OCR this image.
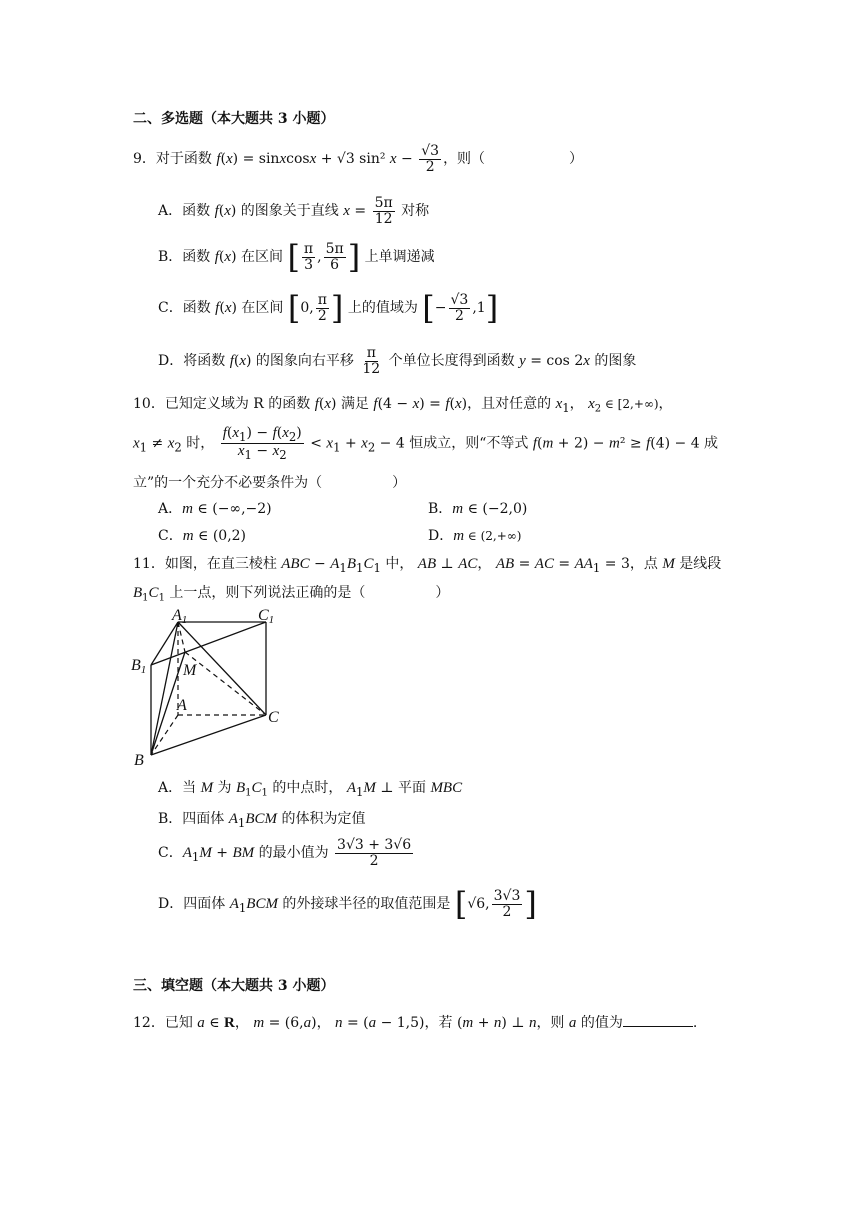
二、多选题（本大题共 3 小题）
9．对于函数 f(x) = sinxcosx + √3 sin² $x - \frac{√3}{2}$ ，则（　　　　　　）
A．函数 f(x) 的图象关于直线 $x = \frac{5\pi}{12}$ 对称
B．函数 f(x) 在区间 [ $\frac{\pi}{3}$ , $\frac{5\pi}{6}$ ] 上单调递减
C．函数 f(x) 在区间 [0, $\frac{\pi}{2}$ ] 上的值域为 [− $\frac{√3}{2} ,1$]
D．将函数 f(x) 的图象向右平移 $\frac{\pi}{12}$ 个单位长度得到函数 y = cos 2x 的图象
10．已知定义域为 R 的函数 f(x) 满足 f(4 − x) = f(x)，且对任意的 $x_1$， $x_2$ ∈ [2,+∞)，
$x_1 \ne x_2$ 时， $\frac{f(x_1) - f(x_2)}{x_1 - x_2} < x_1 + x_2 - 4$ 恒成立，则“不等式 f(m + 2) − m² ≥ f(4) − 4 成
立”的一个充分不必要条件为（　　　　　）
A．m ∈ (−∞,−2)	B．m ∈ (−2,0)
C．m ∈ (0,2)	D．m ∈ (2,+∞)
11．如图，在直三棱柱 ABC − $A_1B_1C_1$ 中， AB ⊥ AC， AB = AC = $AA_1 = 3$，点 M 是线段
$B_1C_1$ 上一点，则下列说法正确的是（　　　　　）
A1	C1
B1 M
A
C
B
A．当 M 为 $B_1C_1$ 的中点时， $A_1M$ ⊥ 平面 MBC
B．四面体 $A_1BCM$ 的体积为定值
C．$A_1M$ + BM 的最小值为 $\frac{3√3 + 3√6}{2}$
D．四面体 $A_1BCM$ 的外接球半径的取值范围是 [√6, $\frac{3√3}{2}$ ]
三、填空题（本大题共 3 小题）
12．已知 a ∈ R， m = (6,a)， n = (a − 1,5)，若 (m + n) ⊥ n，则 a 的值为	.
